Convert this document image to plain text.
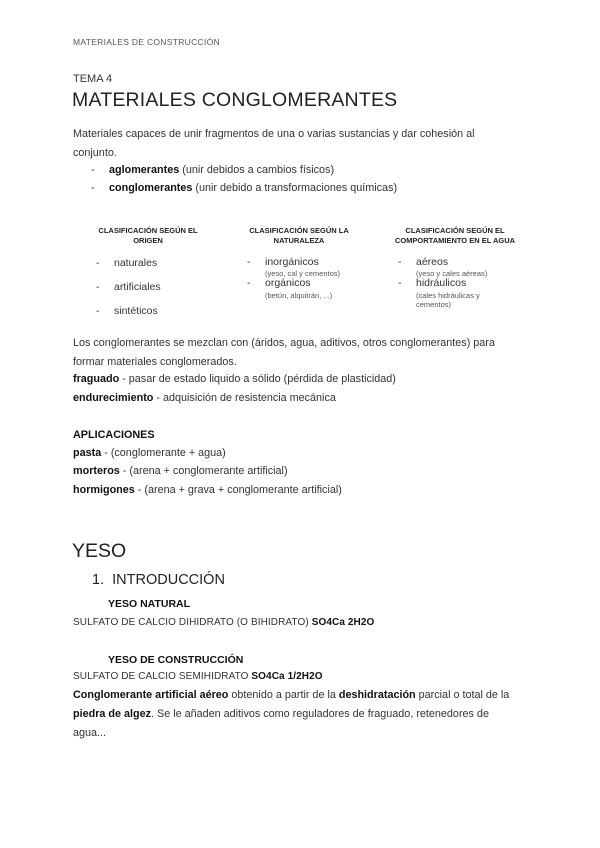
MATERIALES DE CONSTRUCCIÓN
TEMA 4
MATERIALES CONGLOMERANTES
Materiales capaces de unir fragmentos de una o varias sustancias y dar cohesión al
conjunto.
- aglomerantes (unir debidos a cambios físicos)
- conglomerantes (unir debido a transformaciones químicas)
CLASIFICACIÓN SEGÚN EL
ORIGEN
- naturales
- artificiales
- sintéticos
CLASIFICACIÓN SEGÚN LA
NATURALEZA
- inorgánicos
(yeso, cal y cementos)
- orgánicos
(betún, alquitrán, ...)
CLASIFICACIÓN SEGÚN EL
COMPORTAMIENTO EN EL AGUA
- aéreos
(yeso y cales aéreas)
- hidráulicos
(cales hidráulicas y
cementos)
Los conglomerantes se mezclan con (áridos, agua, aditivos, otros conglomerantes) para
formar materiales conglomerados.
fraguado - pasar de estado liquido a sólido (pérdida de plasticidad)
endurecimiento - adquisición de resistencia mecánica
APLICACIONES
pasta - (conglomerante + agua)
morteros - (arena + conglomerante artificial)
hormigones - (arena + grava + conglomerante artificial)
YESO
1. INTRODUCCIÓN
YESO NATURAL
SULFATO DE CALCIO DIHIDRATO (O BIHIDRATO) SO4Ca 2H2O
YESO DE CONSTRUCCIÓN
SULFATO DE CALCIO SEMIHIDRATO SO4Ca 1/2H2O
Conglomerante artificial aéreo obtenido a partir de la deshidratación parcial o total de la
piedra de algez. Se le añaden aditivos como reguladores de fraguado, retenedores de
agua...
